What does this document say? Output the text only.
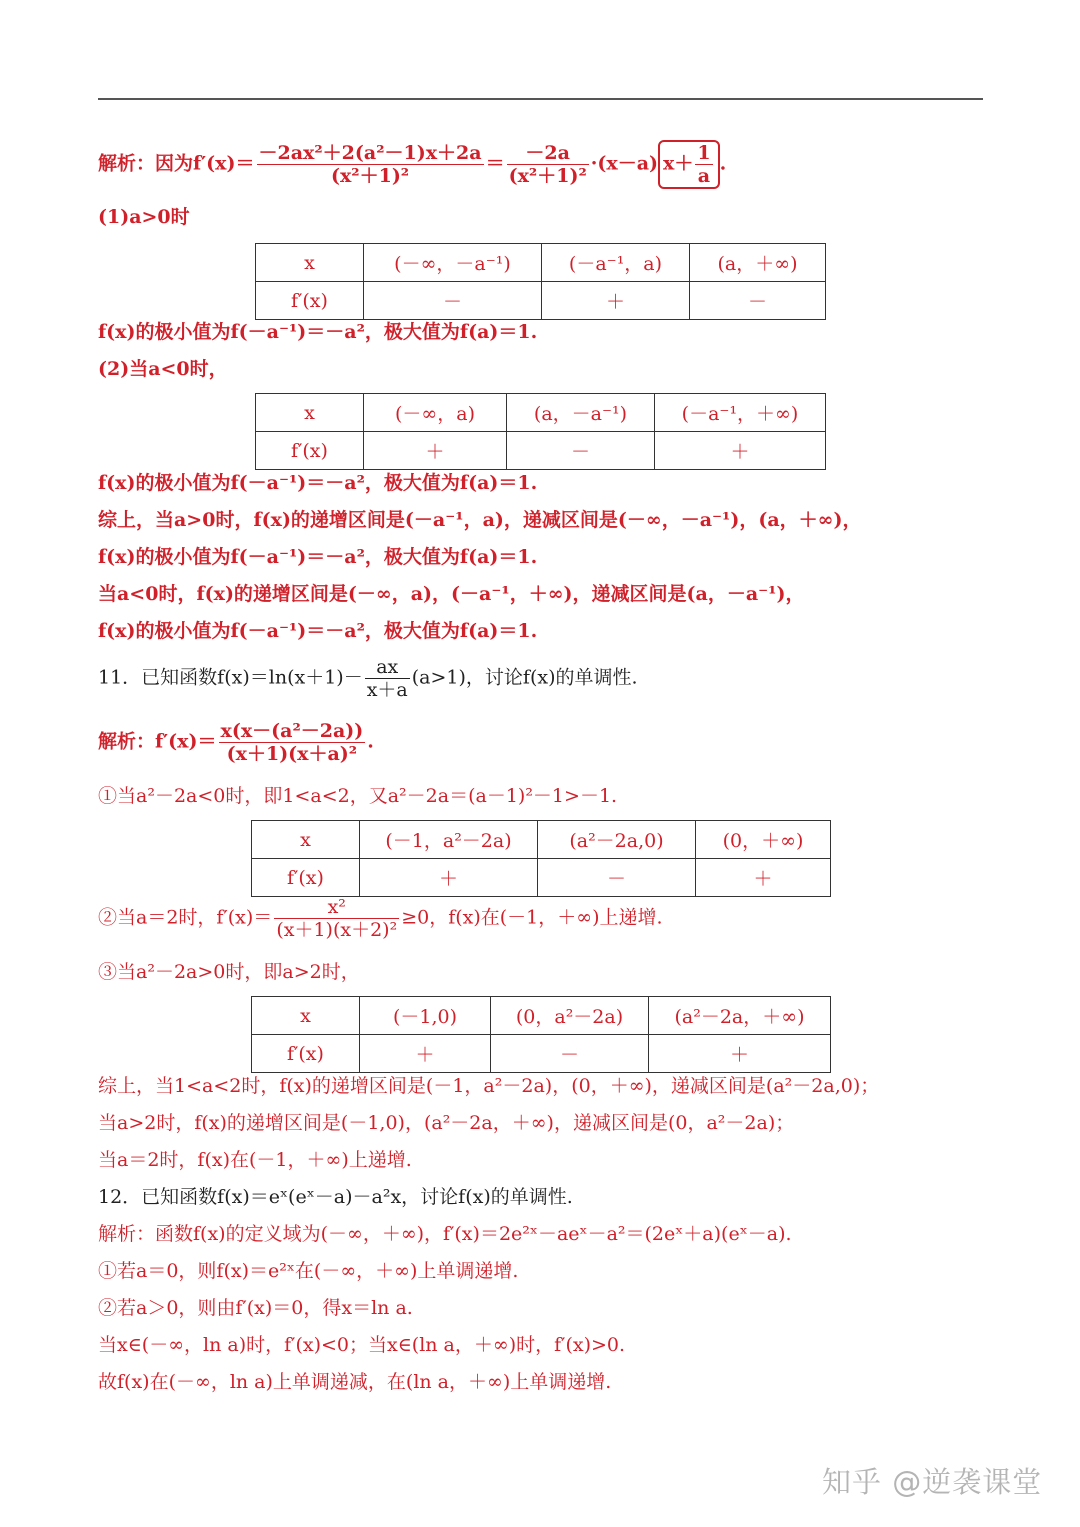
解析：因为$f'(x)= \frac{\text{－2ax²＋2(a²－1)x＋2a}}{\text{(x²＋1)²}} = \frac{-2a}{\text{(x²＋1)²}} \cdot(x-a)$ $x+ \frac{1}{a}$ .
(1)a>0时
x	(－∞，－a⁻¹)	(－a⁻¹，a)	(a，＋∞)
f′(x)	－	＋	－
f(x)的极小值为f(－a⁻¹)＝－a²，极大值为f(a)＝1.
(2)当a<0时，
x	(－∞，a)	(a，－a⁻¹)	(－a⁻¹，＋∞)
f′(x)	＋	－	＋
f(x)的极小值为f(－a⁻¹)＝－a²，极大值为f(a)＝1.
综上，当a>0时，f(x)的递增区间是(－a⁻¹，a)，递减区间是(－∞，－a⁻¹)，(a，＋∞)，
f(x)的极小值为f(－a⁻¹)＝－a²，极大值为f(a)＝1.
当a<0时，f(x)的递增区间是(－∞，a)，(－a⁻¹，＋∞)，递减区间是(a，－a⁻¹)，
f(x)的极小值为f(－a⁻¹)＝－a²，极大值为f(a)＝1.
11．已知函数$f(x)=\ln(x+1)- \frac{ax}{x+a} (a>1)$，讨论f(x)的单调性.
解析：$f'(x)= \frac{\text{x(x－(a²－2a))}}{\text{(x＋1)(x＋a)²}}$ .
①当a²－2a<0时，即1<a<2，又a²－2a＝(a－1)²－1>－1.
x	(－1，a²－2a)	(a²－2a,0)	(0，＋∞)
f′(x)	＋	－	＋
②当a＝2时，$f'(x)= \frac{\text{x²}}{\text{(x＋1)(x＋2)²}} \ge 0$，f(x)在(－1，＋∞)上递增.
③当a²－2a>0时，即a>2时，
x	(－1,0)	(0，a²－2a)	(a²－2a，＋∞)
f′(x)	＋	－	＋
综上，当1<a<2时，f(x)的递增区间是(－1，a²－2a)，(0，＋∞)，递减区间是(a²－2a,0)；
当a>2时，f(x)的递增区间是(－1,0)，(a²－2a，＋∞)，递减区间是(0，a²－2a)；
当a＝2时，f(x)在(－1，＋∞)上递增.
12．已知函数f(x)＝eˣ(eˣ－a)－a²x，讨论f(x)的单调性.
解析：函数f(x)的定义域为(－∞，＋∞)，f′(x)＝2e²ˣ－aeˣ－a²＝(2eˣ＋a)(eˣ－a).
①若a＝0，则f(x)＝e²ˣ在(－∞，＋∞)上单调递增.
②若a＞0，则由f′(x)＝0，得x＝ln a.
当x∈(－∞，ln a)时，f′(x)<0；当x∈(ln a，＋∞)时，f′(x)>0.
故f(x)在(－∞，ln a)上单调递减，在(ln a，＋∞)上单调递增.
知乎 @逆袭课堂
